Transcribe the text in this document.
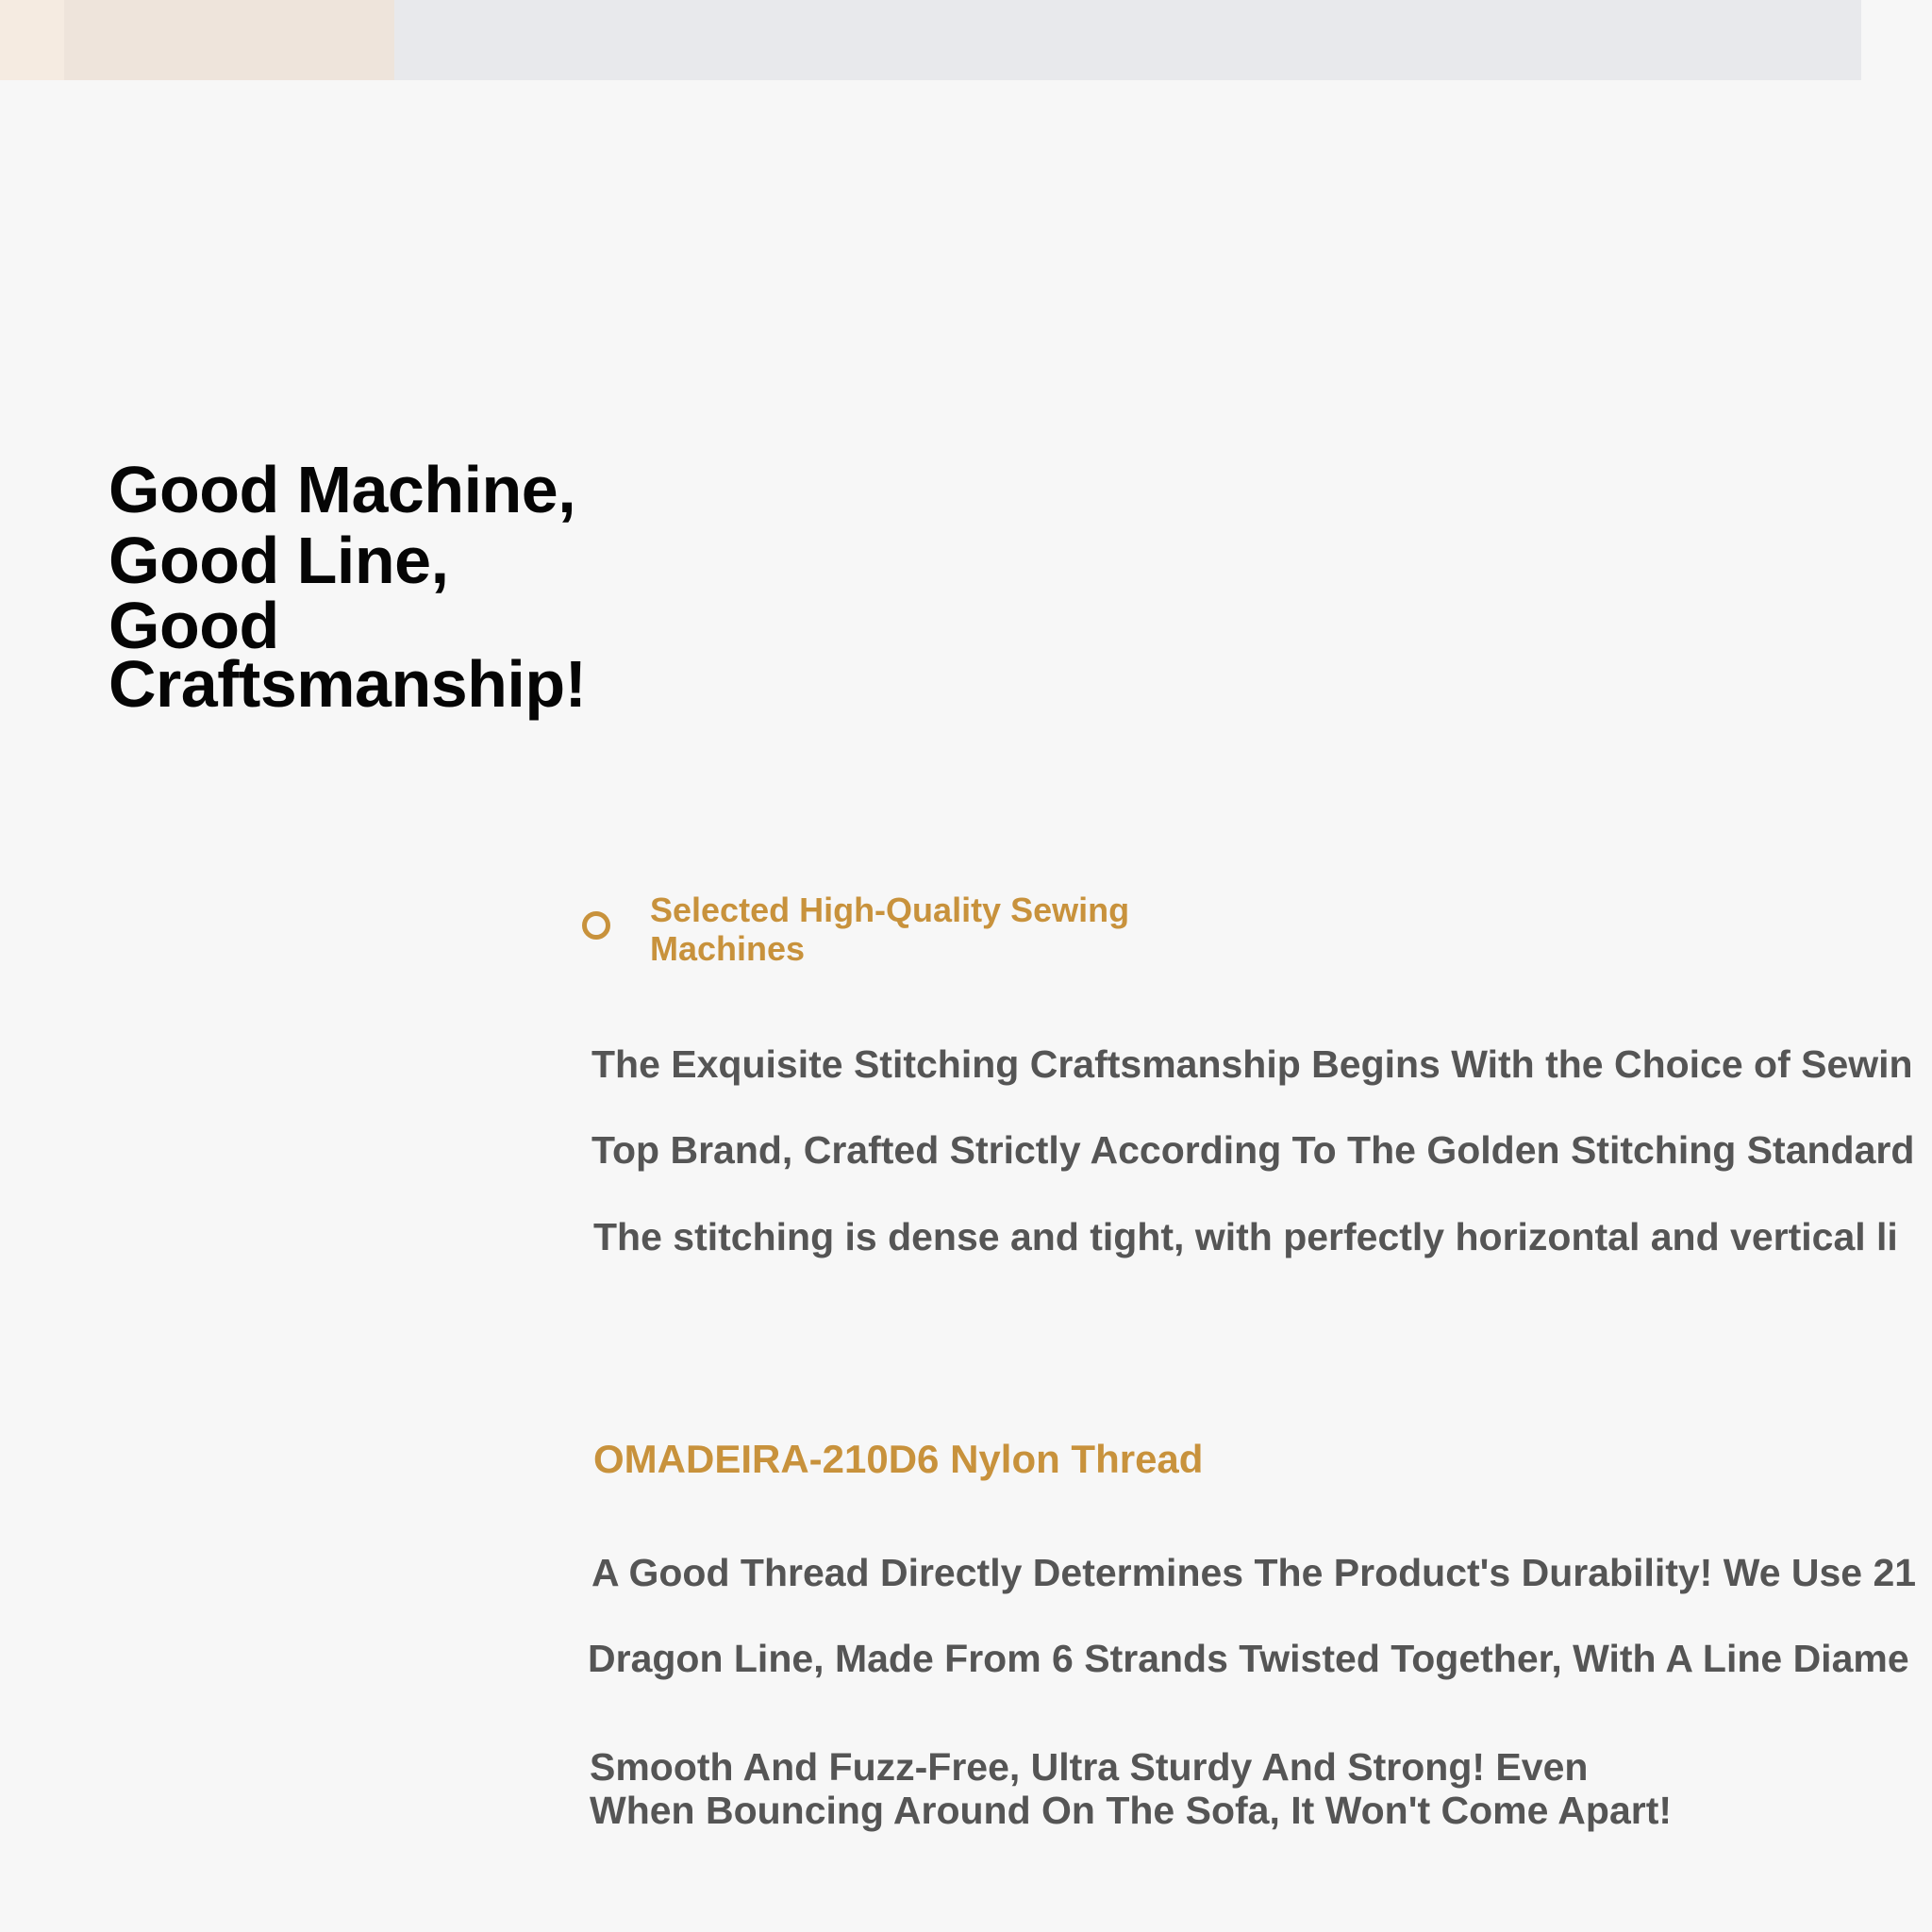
Good Machine,
Good Line,
Good
Craftsmanship!
Selected High-Quality Sewing
Machines

The Exquisite Stitching Craftsmanship Begins With the Choice of Sewin

Top Brand, Crafted Strictly According To The Golden Stitching Standard

The stitching is dense and tight, with perfectly horizontal and vertical li

OMADEIRA-210D6 Nylon Thread

A Good Thread Directly Determines The Product's Durability! We Use 21

Dragon Line, Made From 6 Strands Twisted Together, With A Line Diame

Smooth And Fuzz-Free, Ultra Sturdy And Strong! Even
When Bouncing Around On The Sofa, It Won't Come Apart!
